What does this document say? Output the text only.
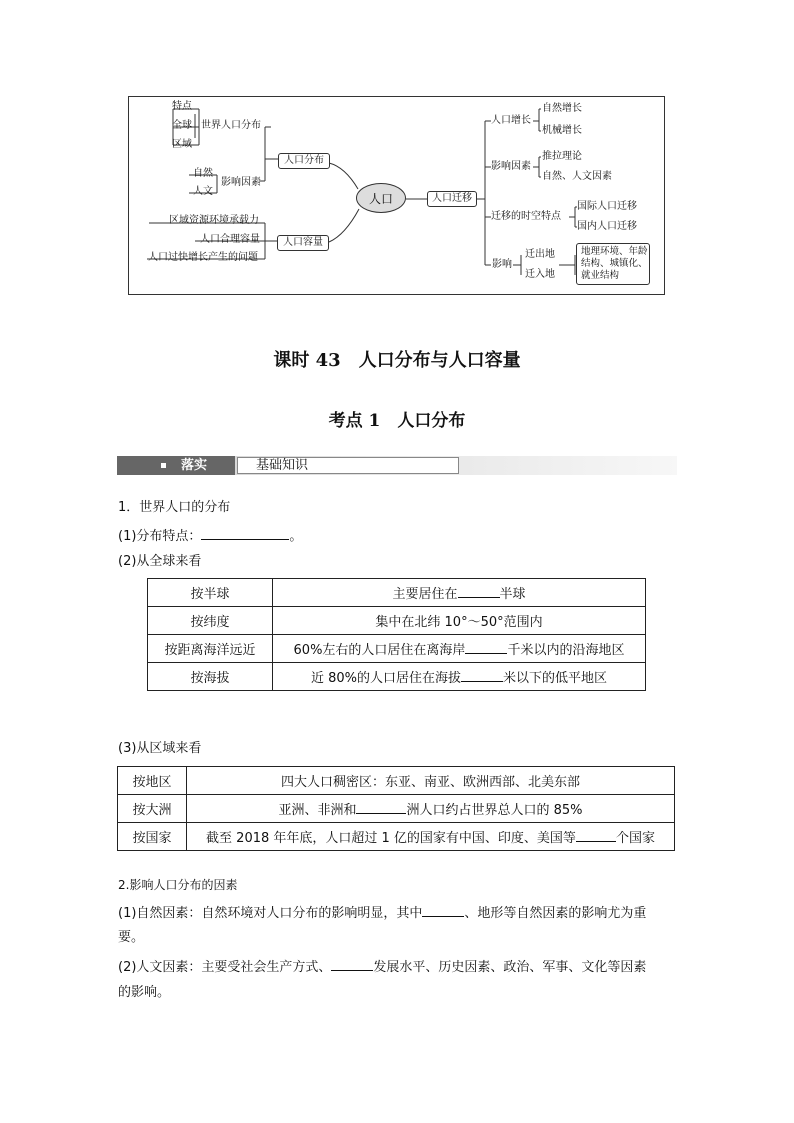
特点
全球
区域
世界人口分布
自然
人文
影响因素
人口分布
区域资源环境承载力
人口合理容量
人口过快增长产生的问题
人口容量
人口	人口迁移
人口增长
自然增长
机械增长
影响因素
推拉理论
自然、人文因素
迁移的时空特点
国际人口迁移
国内人口迁移
影响
迁出地
迁入地
地理环境、年龄
结构、城镇化、
就业结构
课时 43　人口分布与人口容量
考点 1　人口分布
落实	基础知识
1．世界人口的分布
(1)分布特点：	。
(2)从全球来看
按半球	主要居住在 半球
按纬度	集中在北纬 10°～50°范围内
按距离海洋远近	60%左右的人口居住在离海岸 千米以内的沿海地区
按海拔	近 80%的人口居住在海拔 米以下的低平地区
(3)从区域来看
按地区	四大人口稠密区：东亚、南亚、欧洲西部、北美东部
按大洲	亚洲、非洲和 洲人口约占世界总人口的 85%
按国家	截至 2018 年年底，人口超过 1 亿的国家有中国、印度、美国等 个国家
2.影响人口分布的因素
(1)自然因素：自然环境对人口分布的影响明显，其中	、地形等自然因素的影响尤为重
要。
(2)人文因素：主要受社会生产方式、	发展水平、历史因素、政治、军事、文化等因素
的影响。
